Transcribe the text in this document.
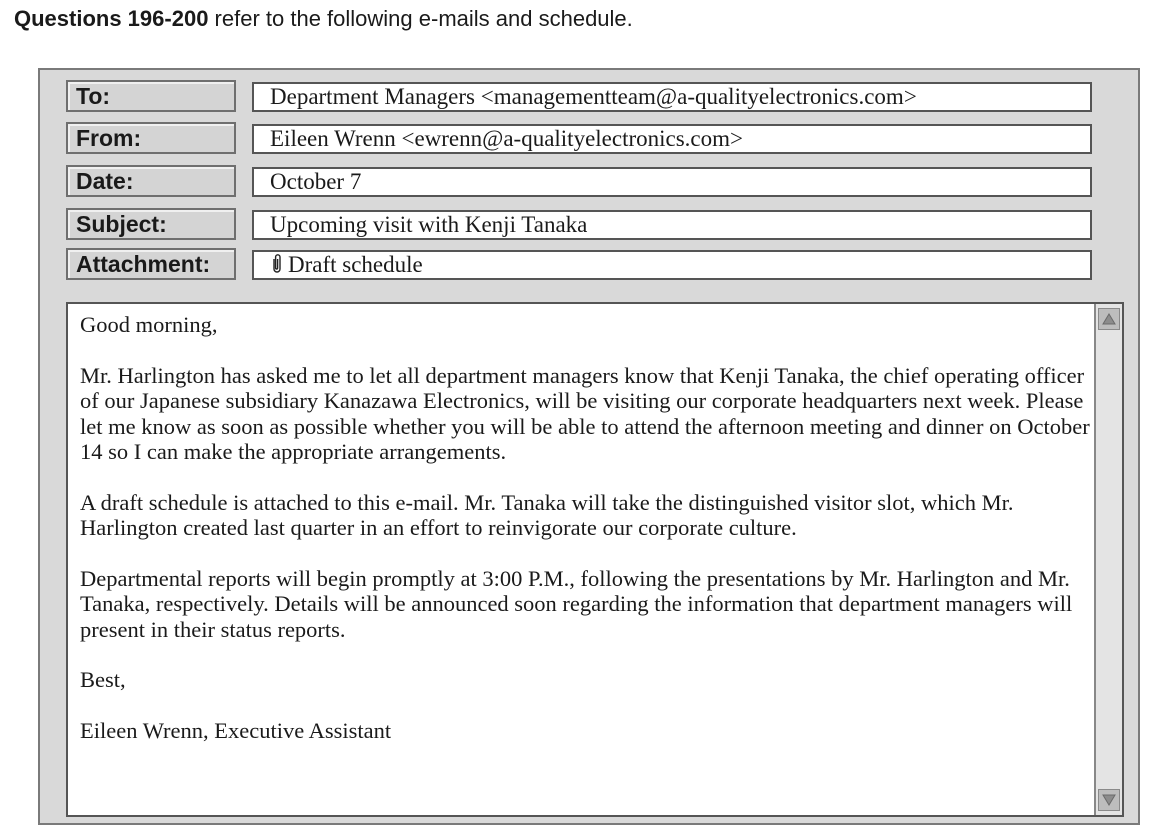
Questions 196-200 refer to the following e-mails and schedule.
To:	Department Managers <managementteam@a-qualityelectronics.com>
From:	Eileen Wrenn <ewrenn@a-qualityelectronics.com>
Date:	October 7
Subject:	Upcoming visit with Kenji Tanaka
Attachment:	Draft schedule

Good morning,

Mr. Harlington has asked me to let all department managers know that Kenji Tanaka, the chief operating officer of our Japanese subsidiary Kanazawa Electronics, will be visiting our corporate headquarters next week. Please let me know as soon as possible whether you will be able to attend the afternoon meeting and dinner on October 14 so I can make the appropriate arrangements.

A draft schedule is attached to this e-mail. Mr. Tanaka will take the distinguished visitor slot, which Mr. Harlington created last quarter in an effort to reinvigorate our corporate culture.

Departmental reports will begin promptly at 3:00 P.M., following the presentations by Mr. Harlington and Mr. Tanaka, respectively. Details will be announced soon regarding the information that department managers will present in their status reports.

Best,

Eileen Wrenn, Executive Assistant
